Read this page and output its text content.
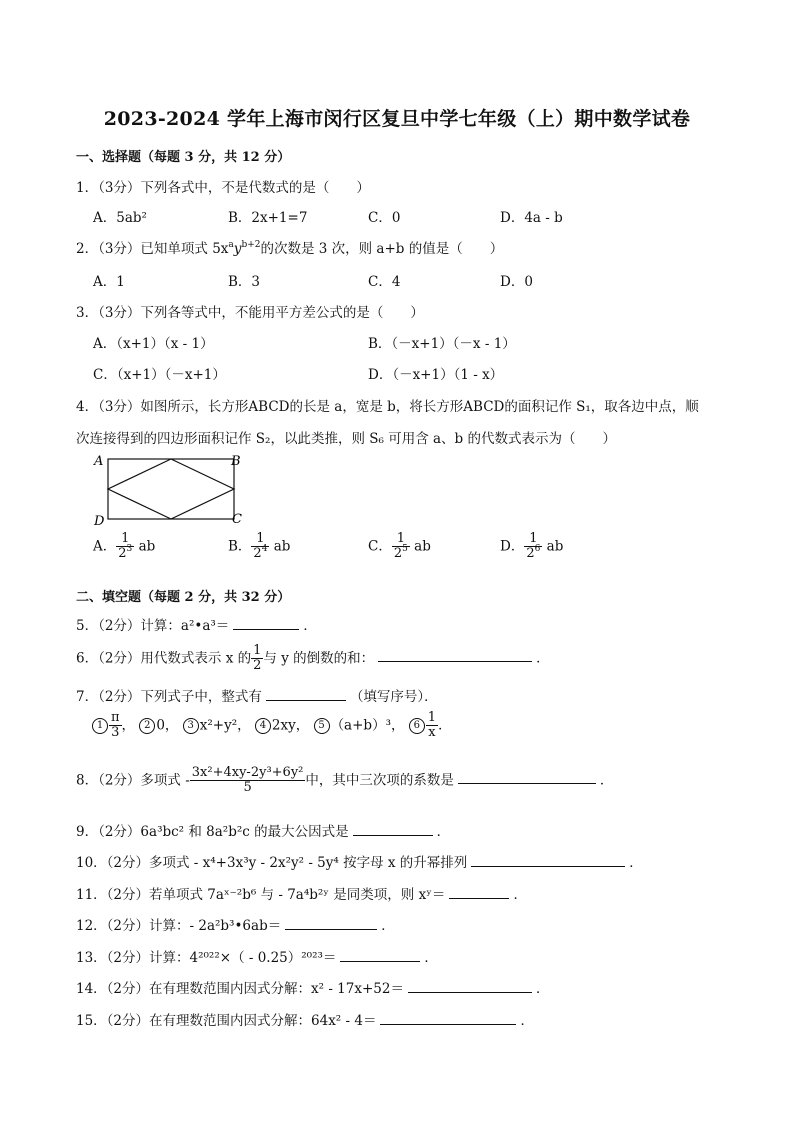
2023-2024 学年上海市闵行区复旦中学七年级（上）期中数学试卷
一、选择题（每题 3 分，共 12 分）
1．（3分）下列各式中，不是代数式的是（　　）
A．5ab²	B．2x+1=7	C．0	D．4a - b
2．（3分）已知单项式 $5x^ay^{b+2}$的次数是 3 次，则 a+b 的值是（　　）
A．1	B．3	C．4	D．0
3．（3分）下列各等式中，不能用平方差公式的是（　　）
A．（x+1）（x - 1）	B．（－x+1）（－x - 1）
C．（x+1）（－x+1）	D．（－x+1）（1 - x）
4．（3分）如图所示，长方形ABCD的长是 a，宽是 b，将长方形ABCD的面积记作 S₁，取各边中点，顺
次连接得到的四边形面积记作 S₂，以此类推，则 S₆ 可用含 a、b 的代数式表示为（　　）
A	B
C
D
A． $\frac{1}{2^3}$ ab	B． $\frac{1}{2^4}$ ab	C． $\frac{1}{2^5}$ ab	D． $\frac{1}{2^6}$ ab
二、填空题（每题 2 分，共 32 分）
5．（2分）计算：a²•a³＝	．
6．（2分）用代数式表示 x 的 $\frac{1}{2}$ 与 y 的倒数的和：	．
7．（2分）下列式子中，整式有	（填写序号）．
$1 \frac{\pi}{3}$ ， 2 0， 3 x²+y²， 4 2xy， 5 （a+b）³， $6 \frac{1}{x}$ ．
8．（2分）多项式 - $\frac{\text{3x²+4xy-2y³+6y²}}{5}$ 中，其中三次项的系数是	．
9．（2分）6a³bc² 和 8a²b²c 的最大公因式是	．
10．（2分）多项式 - x⁴+3x³y - 2x²y² - 5y⁴ 按字母 x 的升幂排列	．
11．（2分）若单项式 7aˣ⁻²b⁶ 与 - 7a⁴b²ʸ 是同类项，则 xʸ＝	．
12．（2分）计算：- 2a²b³•6ab＝	．
13．（2分）计算：4²⁰²²×（ - 0.25）²⁰²³＝	．
14．（2分）在有理数范围内因式分解：x² - 17x+52＝	．
15．（2分）在有理数范围内因式分解：64x² - 4＝	．
